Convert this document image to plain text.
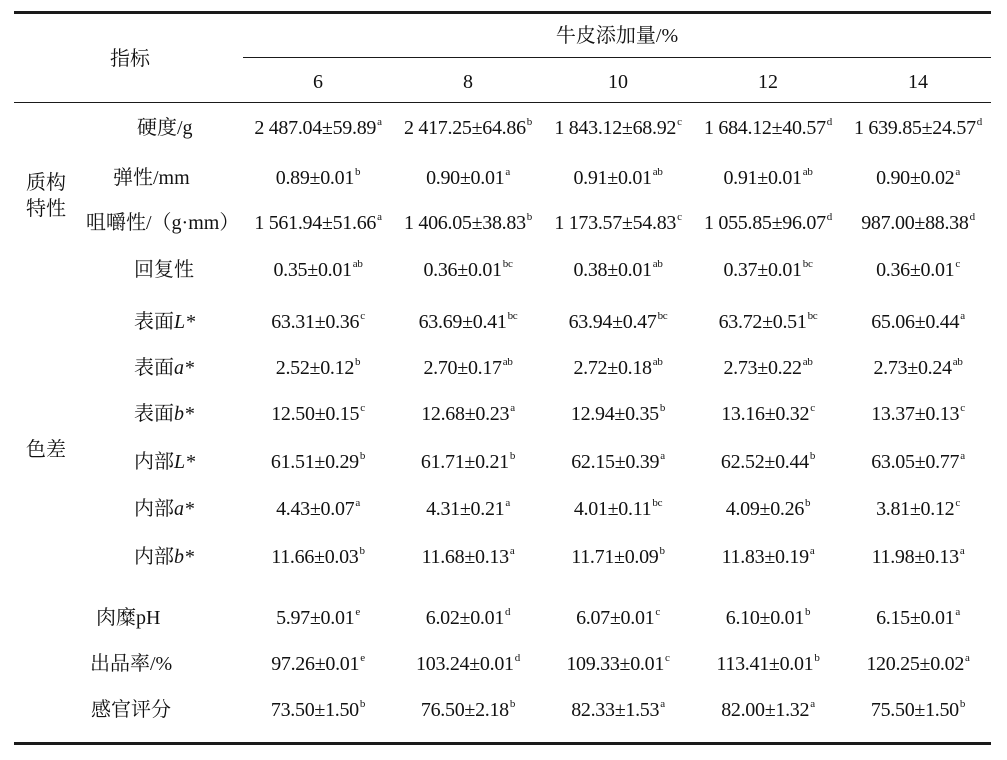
指标
牛皮添加量/%
6	8	10	12	14
质构
特性
色差
硬度/g	2 487.04±59.89$^a$ 2 417.25±64.86$^b$ 1 843.12±68.92$^c$ 1 684.12±40.57$^d$ 1 639.85±24.57$^d$
弹性/mm	0.89±0.01$^b$	0.90±0.01$^a$	0.91±0.01$^{ab}$	0.91±0.01$^{ab}$	0.90±0.02$^a$
咀嚼性/（g·mm） 1 561.94±51.66$^a$ 1 406.05±38.83$^b$ 1 173.57±54.83$^c$ 1 055.85±96.07$^d$ 987.00±88.38$^d$
回复性	0.35±0.01$^{ab}$	0.36±0.01$^{bc}$	0.38±0.01$^{ab}$	0.37±0.01$^{bc}$	0.36±0.01$^c$
表面L*	63.31±0.36$^c$	63.69±0.41$^{bc}$	63.94±0.47$^{bc}$	63.72±0.51$^{bc}$	65.06±0.44$^a$
表面a*	2.52±0.12$^b$	2.70±0.17$^{ab}$	2.72±0.18$^{ab}$	2.73±0.22$^{ab}$	2.73±0.24$^{ab}$
表面b*	12.50±0.15$^c$	12.68±0.23$^a$	12.94±0.35$^b$	13.16±0.32$^c$	13.37±0.13$^c$
内部L*	61.51±0.29$^b$	61.71±0.21$^b$	62.15±0.39$^a$	62.52±0.44$^b$	63.05±0.77$^a$
内部a*	4.43±0.07$^a$	4.31±0.21$^a$	4.01±0.11$^{bc}$	4.09±0.26$^b$	3.81±0.12$^c$
内部b*	11.66±0.03$^b$	11.68±0.13$^a$	11.71±0.09$^b$	11.83±0.19$^a$	11.98±0.13$^a$
肉糜pH	5.97±0.01$^e$	6.02±0.01$^d$	6.07±0.01$^c$	6.10±0.01$^b$	6.15±0.01$^a$
出品率/%	97.26±0.01$^e$	103.24±0.01$^d$ 109.33±0.01$^c$ 113.41±0.01$^b$ 120.25±0.02$^a$
感官评分	73.50±1.50$^b$	76.50±2.18$^b$	82.33±1.53$^a$	82.00±1.32$^a$	75.50±1.50$^b$
